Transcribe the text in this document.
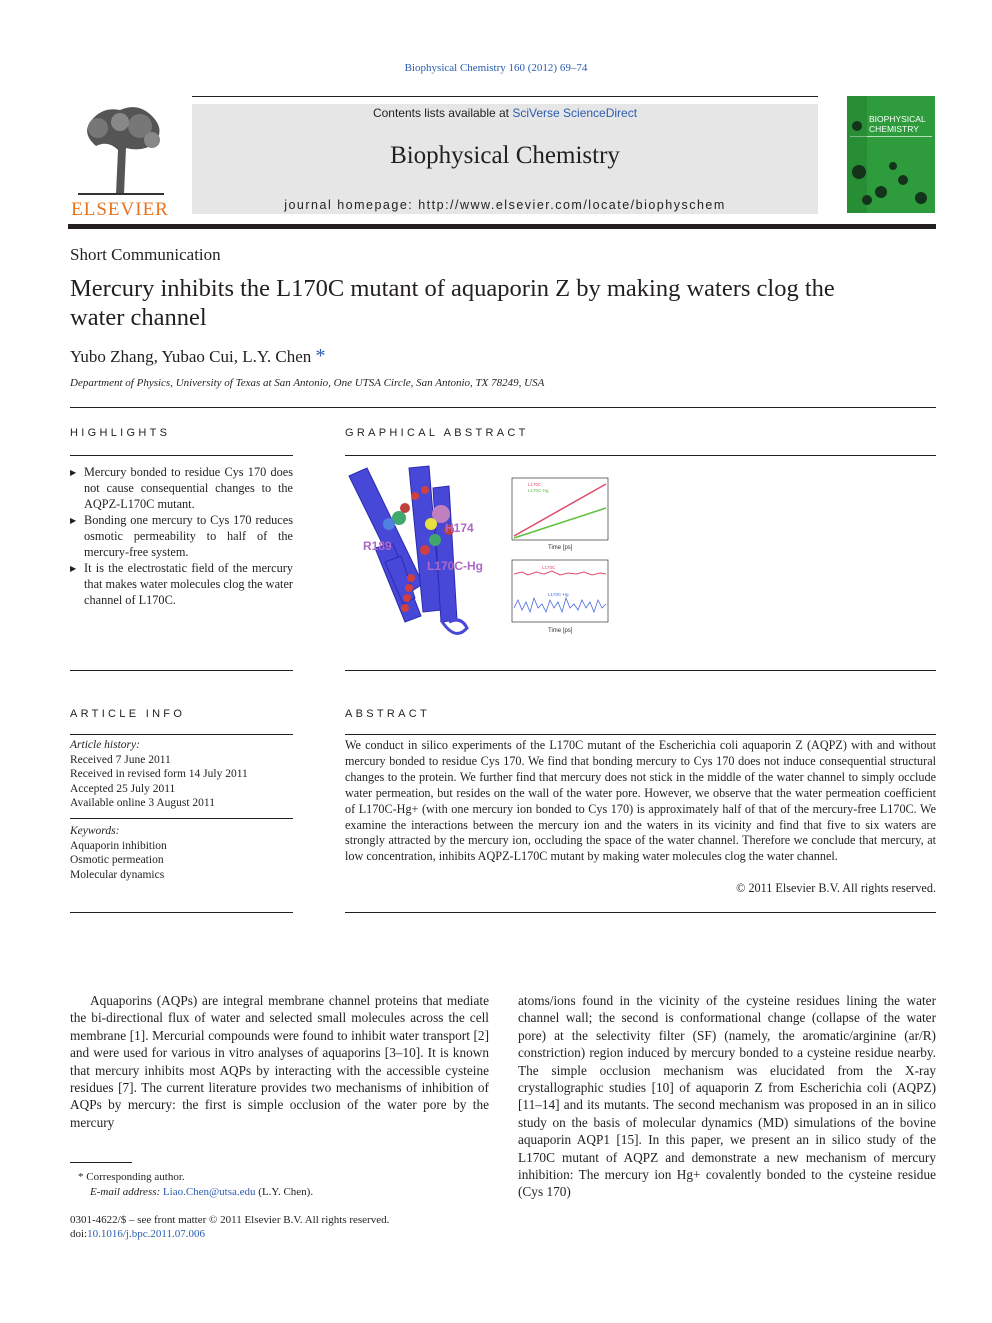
Biophysical Chemistry 160 (2012) 69–74
ELSEVIER
Contents lists available at SciVerse ScienceDirect
Biophysical Chemistry
journal homepage: http://www.elsevier.com/locate/biophyschem
BIOPHYSICAL
CHEMISTRY
Short Communication
Mercury inhibits the L170C mutant of aquaporin Z by making waters clog the
water channel
Yubo Zhang, Yubao Cui, L.Y. Chen *
Department of Physics, University of Texas at San Antonio, One UTSA Circle, San Antonio, TX 78249, USA
HIGHLIGHTS
▶ Mercury bonded to residue Cys 170 does not cause consequential changes to the AQPZ-L170C mutant.
▶ Bonding one mercury to Cys 170 reduces osmotic permeability to half of the mercury-free system.
▶ It is the electrostatic field of the mercury that makes water molecules clog the water channel of L170C.
GRAPHICAL ABSTRACT
H174
R189
L170C-Hg
L170C
L170C-Hg
Time [ps]
L170C
L170C-Hg
Time [ps]
ARTICLE INFO
Article history:
Received 7 June 2011
Received in revised form 14 July 2011
Accepted 25 July 2011
Available online 3 August 2011
Keywords:
Aquaporin inhibition
Osmotic permeation
Molecular dynamics
ABSTRACT
We conduct in silico experiments of the L170C mutant of the Escherichia coli aquaporin Z (AQPZ) with and without mercury bonded to residue Cys 170. We find that bonding mercury to Cys 170 does not induce consequential structural changes to the protein. We further find that mercury does not stick in the middle of the water channel to simply occlude water permeation, but resides on the wall of the water pore. However, we observe that the water permeation coefficient of L170C-Hg+ (with one mercury ion bonded to Cys 170) is approximately half of that of the mercury-free L170C. We examine the interactions between the mercury ion and the waters in its vicinity and find that five to six waters are strongly attracted by the mercury ion, occluding the space of the water channel. Therefore we conclude that mercury, at low concentration, inhibits AQPZ-L170C mutant by making water molecules clog the water channel.
© 2011 Elsevier B.V. All rights reserved.

Aquaporins (AQPs) are integral membrane channel proteins that mediate the bi-directional flux of water and selected small molecules across the cell membrane [1]. Mercurial compounds were found to inhibit water transport [2] and were used for various in vitro analyses of aquaporins [3–10]. It is known that mercury inhibits most AQPs by interacting with the accessible cysteine residues [7]. The current literature provides two mechanisms of inhibition of AQPs by mercury: the first is simple occlusion of the water pore by the mercury

atoms/ions found in the vicinity of the cysteine residues lining the water channel wall; the second is conformational change (collapse of the water pore) at the selectivity filter (SF) (namely, the aromatic/arginine (ar/R) constriction) region induced by mercury bonded to a cysteine residue nearby. The simple occlusion mechanism was elucidated from the X-ray crystallographic studies [10] of aquaporin Z from Escherichia coli (AQPZ) [11–14] and its mutants. The second mechanism was proposed in an in silico study on the basis of molecular dynamics (MD) simulations of the bovine aquaporin AQP1 [15]. In this paper, we present an in silico study of the L170C mutant of AQPZ and demonstrate a new mechanism of mercury inhibition: The mercury ion Hg+ covalently bonded to the cysteine residue (Cys 170)

* Corresponding author.
E-mail address: Liao.Chen@utsa.edu (L.Y. Chen).
0301-4622/$ – see front matter © 2011 Elsevier B.V. All rights reserved.
doi:10.1016/j.bpc.2011.07.006
